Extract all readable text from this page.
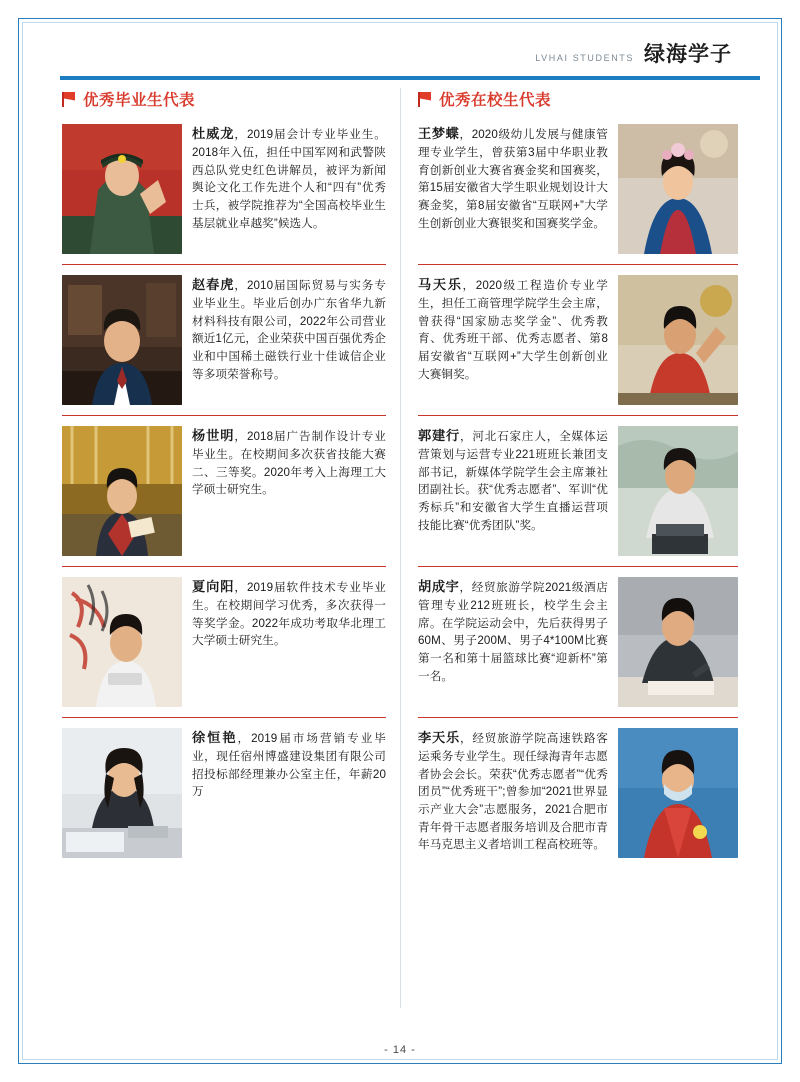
LVHAI STUDENTS 绿海学子
优秀毕业生代表
杜威龙，2019届会计专业毕业生。2018年入伍，担任中国军网和武警陕西总队党史红色讲解员，被评为新闻舆论文化工作先进个人和“四有”优秀士兵，被学院推荐为“全国高校毕业生基层就业卓越奖”候选人。
赵春虎，2010届国际贸易与实务专业毕业生。毕业后创办广东省华九新材料科技有限公司，2022年公司营业额近1亿元，企业荣获中国百强优秀企业和中国稀土磁铁行业十佳诚信企业等多项荣誉称号。
杨世明，2018届广告制作设计专业毕业生。在校期间多次获省技能大赛二、三等奖。2020年考入上海理工大学硕士研究生。
夏向阳，2019届软件技术专业毕业生。在校期间学习优秀，多次获得一等奖学金。2022年成功考取华北理工大学硕士研究生。
徐恒艳，2019届市场营销专业毕业，现任宿州博盛建设集团有限公司招投标部经理兼办公室主任，年薪20万
优秀在校生代表
王梦蝶，2020级幼儿发展与健康管理专业学生，曾获第3届中华职业教育创新创业大赛省赛金奖和国赛奖，第15届安徽省大学生职业规划设计大赛金奖，第8届安徽省“互联网+”大学生创新创业大赛银奖和国赛奖学金。
马天乐，2020级工程造价专业学生，担任工商管理学院学生会主席，曾获得“国家励志奖学金”、优秀教育、优秀班干部、优秀志愿者、第8届安徽省“互联网+”大学生创新创业大赛铜奖。
郭建行，河北石家庄人，全媒体运营策划与运营专业221班班长兼团支部书记，新媒体学院学生会主席兼社团副社长。获“优秀志愿者”、军训“优秀标兵”和安徽省大学生直播运营项技能比赛“优秀团队”奖。
胡成宇，经贸旅游学院2021级酒店管理专业212班班长，校学生会主席。在学院运动会中，先后获得男子60M、男子200M、男子4*100M比赛第一名和第十届篮球比赛“迎新杯”第一名。
李天乐，经贸旅游学院高速铁路客运乘务专业学生。现任绿海青年志愿者协会会长。荣获“优秀志愿者”“优秀团员”“优秀班干”;曾参加“2021世界显示产业大会”志愿服务，2021合肥市青年骨干志愿者服务培训及合肥市青年马克思主义者培训工程高校班等。
- 14 -
